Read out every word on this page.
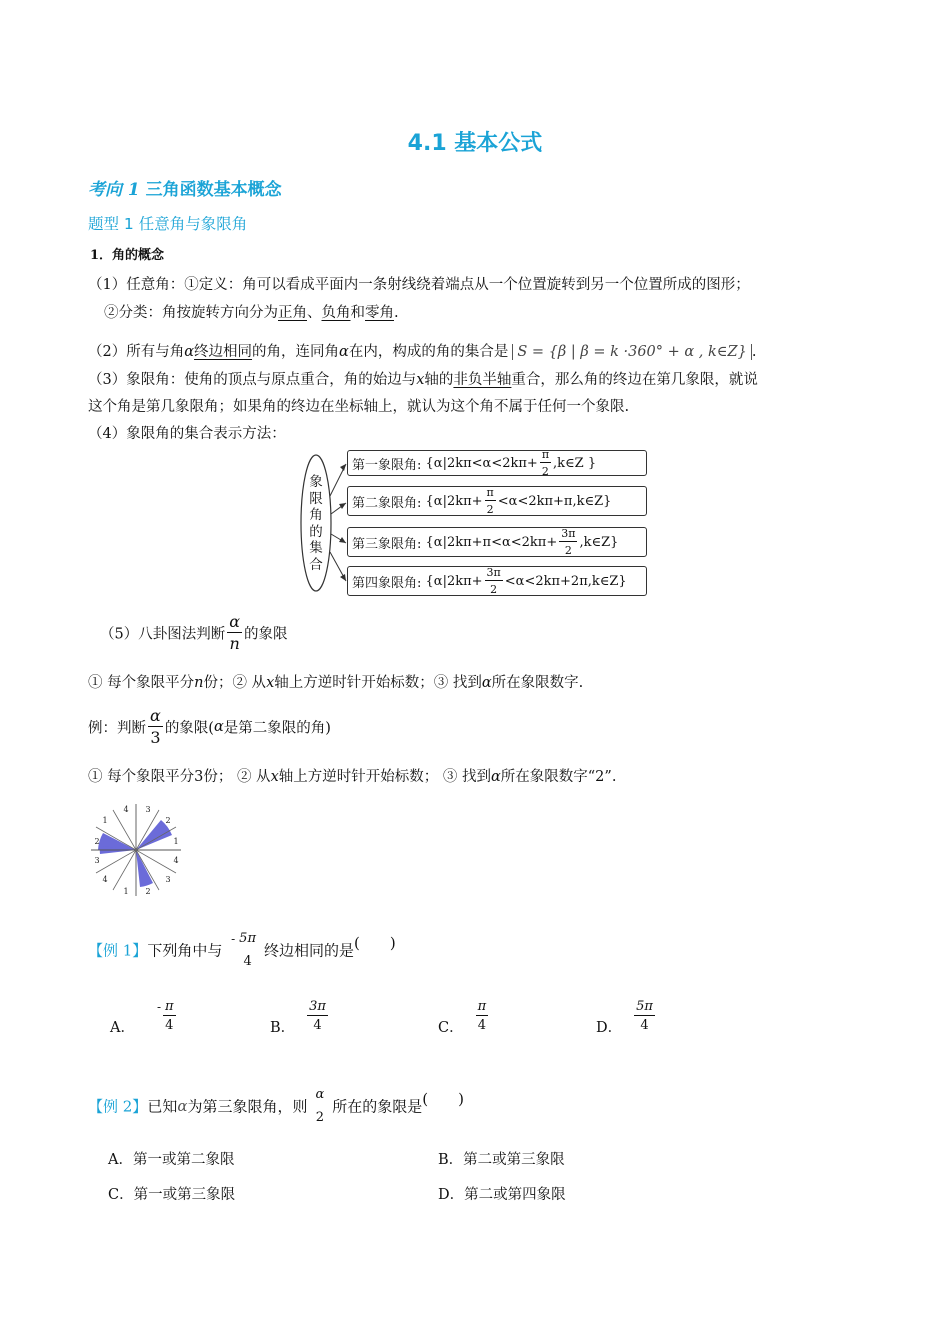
4.1 基本公式
考向 1 三角函数基本概念
题型 1 任意角与象限角
1．角的概念
（1）任意角：①定义：角可以看成平面内一条射线绕着端点从一个位置旋转到另一个位置所成的图形；
②分类：角按旋转方向分为正角、负角和零角.
（2）所有与角α终边相同的角，连同角α在内，构成的角的集合是 S = {β | β = k ·360° + α , k∈Z} .
（3）象限角：使角的顶点与原点重合，角的始边与x轴的非负半轴重合，那么角的终边在第几象限，就说
这个角是第几象限角；如果角的终边在坐标轴上，就认为这个角不属于任何一个象限.
（4）象限角的集合表示方法：
象
限
角
的
集
合
第一象限角:
{$\alpha|2k\pi<\alpha<2k\pi+ \frac{\pi}{2}$ ,k∈Z }
第二象限角:
{$\alpha|2k\pi+ \frac{\pi}{2}$ <α<2kπ+π,k∈Z}
第三象限角:
{$\alpha|2k\pi+\pi<\alpha<2k\pi+ \frac{3\pi}{2}$ ,k∈Z}
第四象限角:
{$\alpha|2k\pi+ \frac{3\pi}{2}$ <α<2kπ+2π,k∈Z}
（5）八卦图法判断 $\frac{\alpha}{n}$ 的象限
① 每个象限平分n份；② 从x轴上方逆时针开始标数；③ 找到α所在象限数字.
例：判断 $\frac{\alpha}{3}$ 的象限(α是第二象限的角)
① 每个象限平分3份； ② 从x轴上方逆时针开始标数； ③ 找到α所在象限数字“2”.
3
2
1
4
3
2
1
4
3
2
1
4
【例 1】下列角中与 - 5π
4
终边相同的是(　　)
A．$^- \frac{\pi}{4}$	B． $\frac{3\pi}{4}$	C． $\frac{\pi}{4}$	D． $\frac{5\pi}{4}$
【例 2】已知α为第三象限角，则
α
2
所在的象限是(　　)
A．第一或第二象限	B．第二或第三象限
C．第一或第三象限	D．第二或第四象限
